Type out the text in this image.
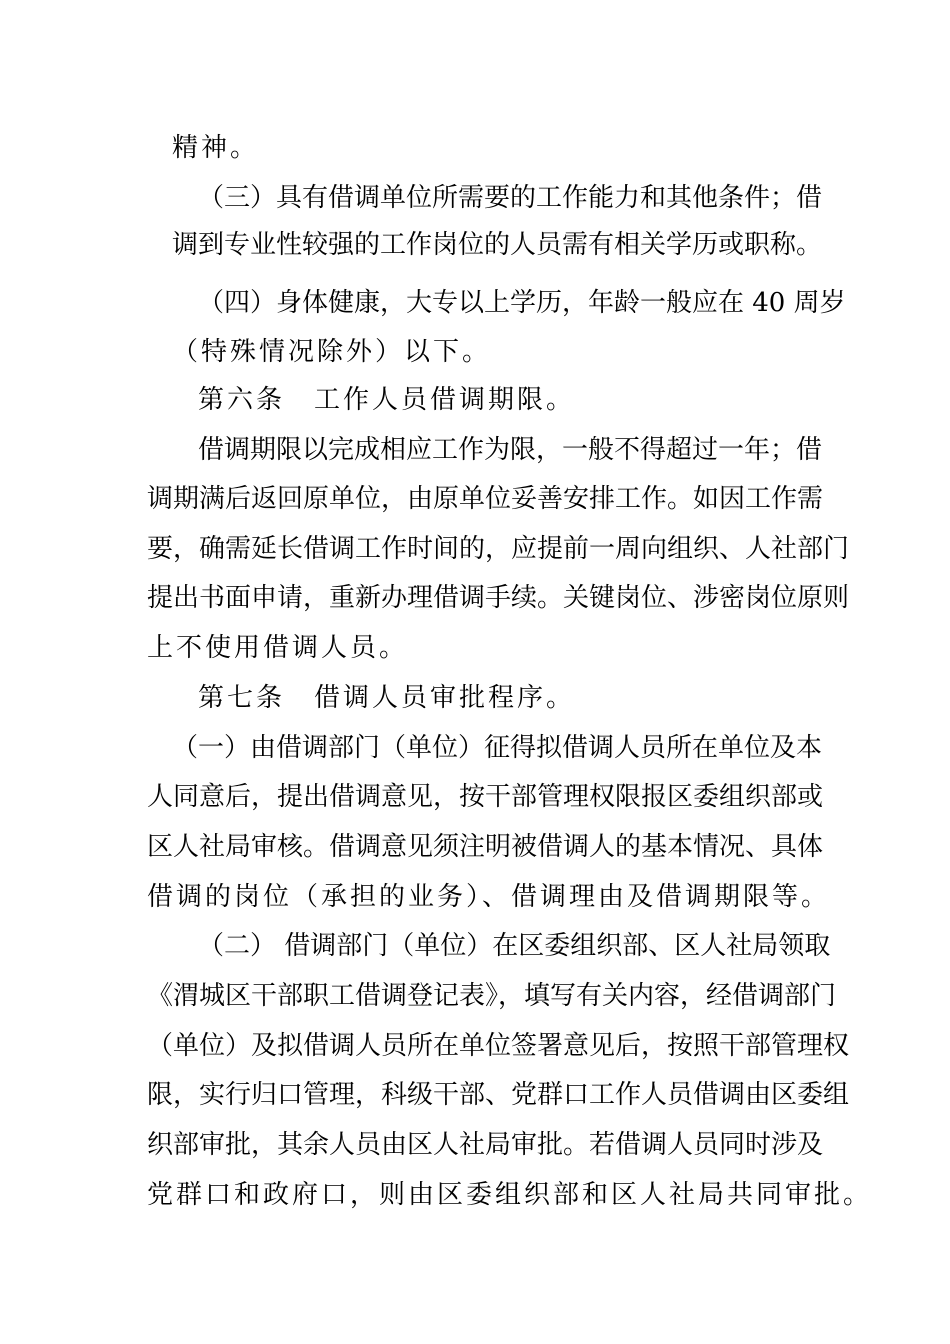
精神。
（三）具有借调单位所需要的工作能力和其他条件；借
调到专业性较强的工作岗位的人员需有相关学历或职称。
（四）身体健康，大专以上学历，年龄一般应在 40 周岁
（特殊情况除外）以下。
第六条　工作人员借调期限。
借调期限以完成相应工作为限，一般不得超过一年；借
调期满后返回原单位，由原单位妥善安排工作。如因工作需
要，确需延长借调工作时间的，应提前一周向组织、人社部门
提出书面申请，重新办理借调手续。关键岗位、涉密岗位原则
上不使用借调人员。
第七条　借调人员审批程序。
（一）由借调部门（单位）征得拟借调人员所在单位及本
人同意后，提出借调意见，按干部管理权限报区委组织部或
区人社局审核。借调意见须注明被借调人的基本情况、具体
借调的岗位（承担的业务）、借调理由及借调期限等。
（二） 借调部门（单位）在区委组织部、区人社局领取
《渭城区干部职工借调登记表》，填写有关内容，经借调部门
（单位）及拟借调人员所在单位签署意见后，按照干部管理权
限，实行归口管理，科级干部、党群口工作人员借调由区委组
织部审批，其余人员由区人社局审批。若借调人员同时涉及
党群口和政府口，则由区委组织部和区人社局共同审批。
